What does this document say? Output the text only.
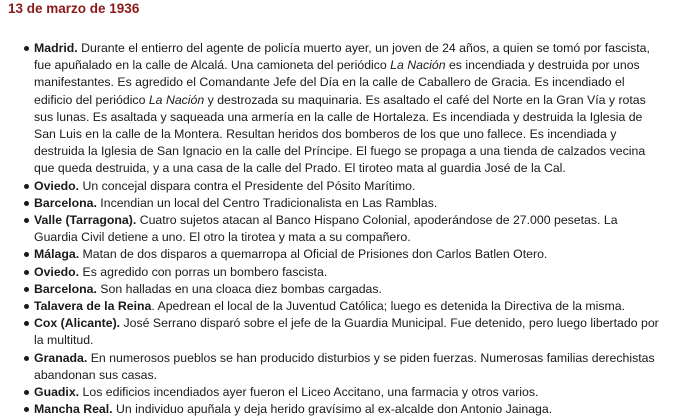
13 de marzo de 1936
Madrid. Durante el entierro del agente de policía muerto ayer, un joven de 24 años, a quien se tomó por fascista, fue apuñalado en la calle de Alcalá. Una camioneta del periódico La Nación es incendiada y destruida por unos manifestantes. Es agredido el Comandante Jefe del Día en la calle de Caballero de Gracia. Es incendiado el edificio del periódico La Nación y destrozada su maquinaria. Es asaltado el café del Norte en la Gran Vía y rotas sus lunas. Es asaltada y saqueada una armería en la calle de Hortaleza. Es incendiada y destruida la Iglesia de San Luis en la calle de la Montera. Resultan heridos dos bomberos de los que uno fallece. Es incendiada y destruida la Iglesia de San Ignacio en la calle del Príncipe. El fuego se propaga a una tienda de calzados vecina que queda destruida, y a una casa de la calle del Prado. El tiroteo mata al guardia José de la Cal.
Oviedo. Un concejal dispara contra el Presidente del Pósito Marítimo.
Barcelona. Incendian un local del Centro Tradicionalista en Las Ramblas.
Valle (Tarragona). Cuatro sujetos atacan al Banco Hispano Colonial, apoderándose de 27.000 pesetas. La Guardia Civil detiene a uno. El otro la tirotea y mata a su compañero.
Málaga. Matan de dos disparos a quemarropa al Oficial de Prisiones don Carlos Batlen Otero.
Oviedo. Es agredido con porras un bombero fascista.
Barcelona. Son halladas en una cloaca diez bombas cargadas.
Talavera de la Reina. Apedrean el local de la Juventud Católica; luego es detenida la Directiva de la misma.
Cox (Alicante). José Serrano disparó sobre el jefe de la Guardia Municipal. Fue detenido, pero luego libertado por la multitud.
Granada. En numerosos pueblos se han producido disturbios y se piden fuerzas. Numerosas familias derechistas abandonan sus casas.
Guadix. Los edificios incendiados ayer fueron el Liceo Accitano, una farmacia y otros varios.
Mancha Real. Un individuo apuñala y deja herido gravísimo al ex-alcalde don Antonio Jainaga.
